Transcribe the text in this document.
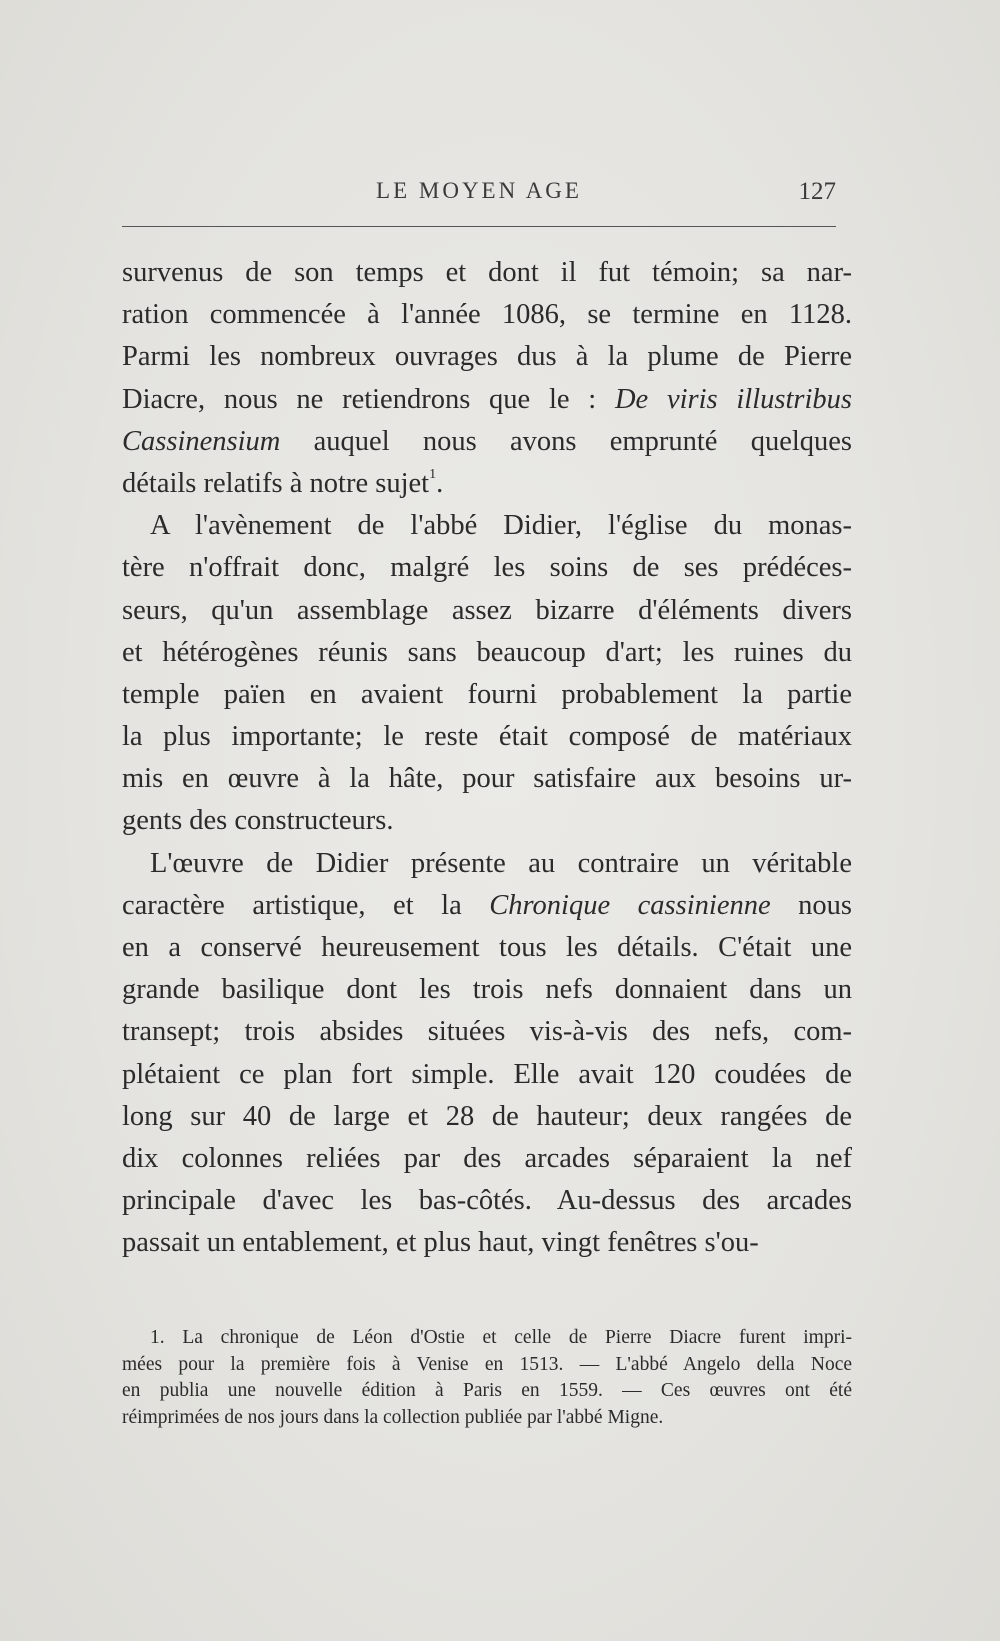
LE MOYEN AGE	127
survenus de son temps et dont il fut témoin; sa nar-
ration commencée à l'année 1086, se termine en 1128.
Parmi les nombreux ouvrages dus à la plume de Pierre
Diacre, nous ne retiendrons que le : De viris illustribus
Cassinensium auquel nous avons emprunté quelques
détails relatifs à notre sujet$^1$.
A l'avènement de l'abbé Didier, l'église du monas-
tère n'offrait donc, malgré les soins de ses prédéces-
seurs, qu'un assemblage assez bizarre d'éléments divers
et hétérogènes réunis sans beaucoup d'art; les ruines du
temple païen en avaient fourni probablement la partie
la plus importante; le reste était composé de matériaux
mis en œuvre à la hâte, pour satisfaire aux besoins ur-
gents des constructeurs.
L'œuvre de Didier présente au contraire un véritable
caractère artistique, et la Chronique cassinienne nous
en a conservé heureusement tous les détails. C'était une
grande basilique dont les trois nefs donnaient dans un
transept; trois absides situées vis-à-vis des nefs, com-
plétaient ce plan fort simple. Elle avait 120 coudées de
long sur 40 de large et 28 de hauteur; deux rangées de
dix colonnes reliées par des arcades séparaient la nef
principale d'avec les bas-côtés. Au-dessus des arcades
passait un entablement, et plus haut, vingt fenêtres s'ou-
1. La chronique de Léon d'Ostie et celle de Pierre Diacre furent impri-
mées pour la première fois à Venise en 1513. — L'abbé Angelo della Noce
en publia une nouvelle édition à Paris en 1559. — Ces œuvres ont été
réimprimées de nos jours dans la collection publiée par l'abbé Migne.
